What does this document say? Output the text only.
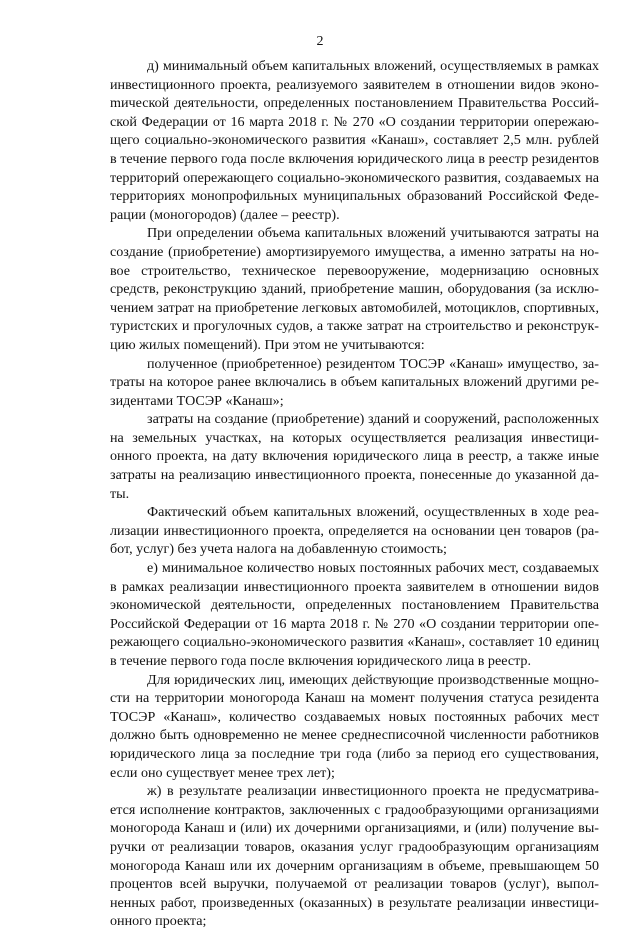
2

д) минимальный объем капитальных вложений, осуществляемых в рамках инвестиционного проекта, реализуемого заявителем в отношении видов эконоmической деятельности, определенных постановлением Правительства Российской Федерации от 16 марта 2018 г. № 270 «О создании территории опережающего социально-экономического развития «Канаш», составляет 2,5 млн. рублей в течение первого года после включения юридического лица в реестр резидентов территорий опережающего социально-экономического развития, создаваемых на территориях монопрофильных муниципальных образований Российской Федерации (моногородов) (далее – реестр).

При определении объема капитальных вложений учитываются затраты на создание (приобретение) амортизируемого имущества, а именно затраты на новое строительство, техническое перевооружение, модернизацию основных средств, реконструкцию зданий, приобретение машин, оборудования (за исключением затрат на приобретение легковых автомобилей, мотоциклов, спортивных, туристских и прогулочных судов, а также затрат на строительство и реконструкцию жилых помещений). При этом не учитываются:

полученное (приобретенное) резидентом ТОСЭР «Канаш» имущество, затраты на которое ранее включались в объем капитальных вложений другими резидентами ТОСЭР «Канаш»;

затраты на создание (приобретение) зданий и сооружений, расположенных на земельных участках, на которых осуществляется реализация инвестиционного проекта, на дату включения юридического лица в реестр, а также иные затраты на реализацию инвестиционного проекта, понесенные до указанной даты.

Фактический объем капитальных вложений, осуществленных в ходе реализации инвестиционного проекта, определяется на основании цен товаров (работ, услуг) без учета налога на добавленную стоимость;

е) минимальное количество новых постоянных рабочих мест, создаваемых в рамках реализации инвестиционного проекта заявителем в отношении видов экономической деятельности, определенных постановлением Правительства Российской Федерации от 16 марта 2018 г. № 270 «О создании территории опережающего социально-экономического развития «Канаш», составляет 10 единиц в течение первого года после включения юридического лица в реестр.

Для юридических лиц, имеющих действующие производственные мощности на территории моногорода Канаш на момент получения статуса резидента ТОСЭР «Канаш», количество создаваемых новых постоянных рабочих мест должно быть одновременно не менее среднесписочной численности работников юридического лица за последние три года (либо за период его существования, если оно существует менее трех лет);

ж) в результате реализации инвестиционного проекта не предусматривается исполнение контрактов, заключенных с градообразующими организациями моногорода Канаш и (или) их дочерними организациями, и (или) получение выручки от реализации товаров, оказания услуг градообразующим организациям моногорода Канаш или их дочерним организациям в объеме, превышающем 50 процентов всей выручки, получаемой от реализации товаров (услуг), выполненных работ, произведенных (оказанных) в результате реализации инвестиционного проекта;
